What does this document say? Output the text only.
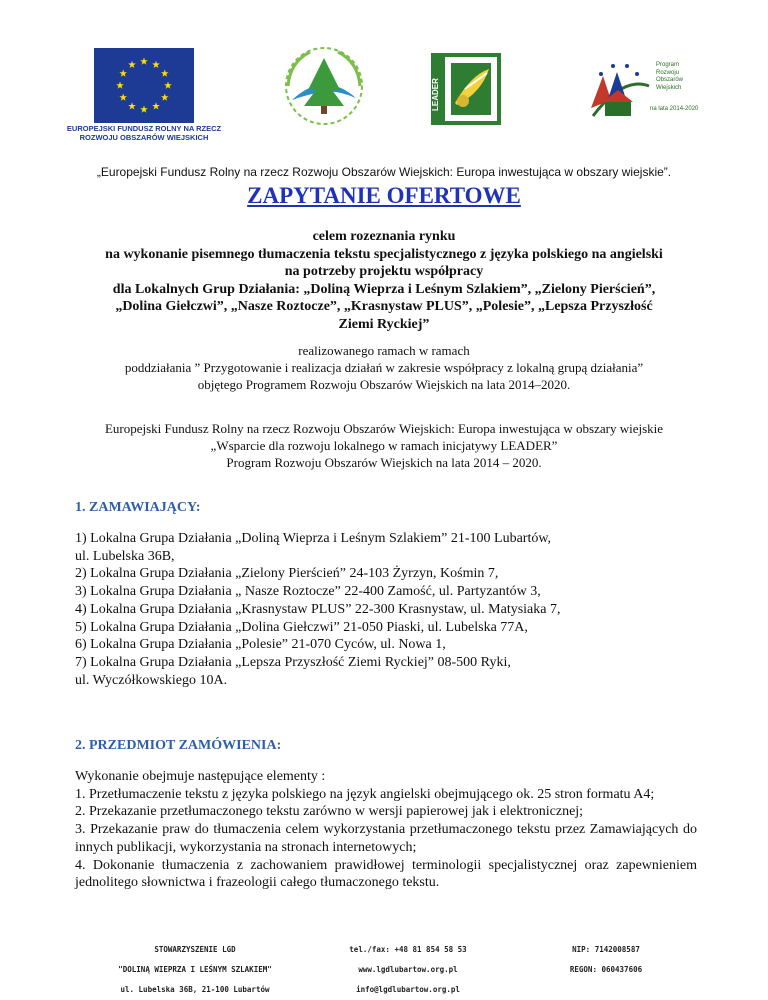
EUROPEJSKI FUNDUSZ ROLNY NA RZECZ
ROZWOJU OBSZARÓW WIEJSKICH
LEADER
Program
Rozwoju
Obszarów
Wiejskich
na lata 2014-2020
„Europejski Fundusz Rolny na rzecz Rozwoju Obszarów Wiejskich: Europa inwestująca w obszary wiejskie”.
ZAPYTANIE OFERTOWE
celem rozeznania rynku
na wykonanie pisemnego tłumaczenia tekstu specjalistycznego z języka polskiego na angielski
na potrzeby projektu współpracy
dla Lokalnych Grup Działania: „Doliną Wieprza i Leśnym Szlakiem”, „Zielony Pierścień”,
„Dolina Giełczwi”, „Nasze Roztocze”, „Krasnystaw PLUS”, „Polesie”, „Lepsza Przyszłość
Ziemi Ryckiej”
realizowanego ramach w ramach
poddziałania ” Przygotowanie i realizacja działań w zakresie współpracy z lokalną grupą działania”
objętego Programem Rozwoju Obszarów Wiejskich na lata 2014–2020.
Europejski Fundusz Rolny na rzecz Rozwoju Obszarów Wiejskich: Europa inwestująca w obszary wiejskie
„Wsparcie dla rozwoju lokalnego w ramach inicjatywy LEADER”
Program Rozwoju Obszarów Wiejskich na lata 2014 – 2020.
1. ZAMAWIAJĄCY:
1) Lokalna Grupa Działania „Doliną Wieprza i Leśnym Szlakiem” 21-100 Lubartów,
ul. Lubelska 36B,
2) Lokalna Grupa Działania „Zielony Pierścień” 24-103 Żyrzyn, Kośmin 7,
3) Lokalna Grupa Działania „ Nasze Roztocze” 22-400 Zamość, ul. Partyzantów 3,
4) Lokalna Grupa Działania „Krasnystaw PLUS” 22-300 Krasnystaw, ul. Matysiaka 7,
5) Lokalna Grupa Działania „Dolina Giełczwi” 21-050 Piaski, ul. Lubelska 77A,
6) Lokalna Grupa Działania „Polesie” 21-070 Cyców, ul. Nowa 1,
7) Lokalna Grupa Działania „Lepsza Przyszłość Ziemi Ryckiej” 08-500 Ryki,
ul. Wyczółkowskiego 10A.
2. PRZEDMIOT ZAMÓWIENIA:

Wykonanie obejmuje następujące elementy :

1. Przetłumaczenie tekstu z języka polskiego na język angielski obejmującego ok. 25 stron formatu A4;

2. Przekazanie przetłumaczonego tekstu zarówno w wersji papierowej jak i elektronicznej;

3. Przekazanie praw do tłumaczenia celem wykorzystania przetłumaczonego tekstu przez Zamawiających do innych publikacji, wykorzystania na stronach internetowych;

4. Dokonanie tłumaczenia z zachowaniem prawidłowej terminologii specjalistycznej oraz zapewnieniem jednolitego słownictwa i frazeologii całego tłumaczonego tekstu.

STOWARZYSZENIE LGD
"DOLINĄ WIEPRZA I LEŚNYM SZLAKIEM"
ul. Lubelska 36B, 21-100 Lubartów
tel./fax: +48 81 854 58 53
www.lgdlubartow.org.pl
info@lgdlubartow.org.pl
NIP: 7142008587
REGON: 060437606
